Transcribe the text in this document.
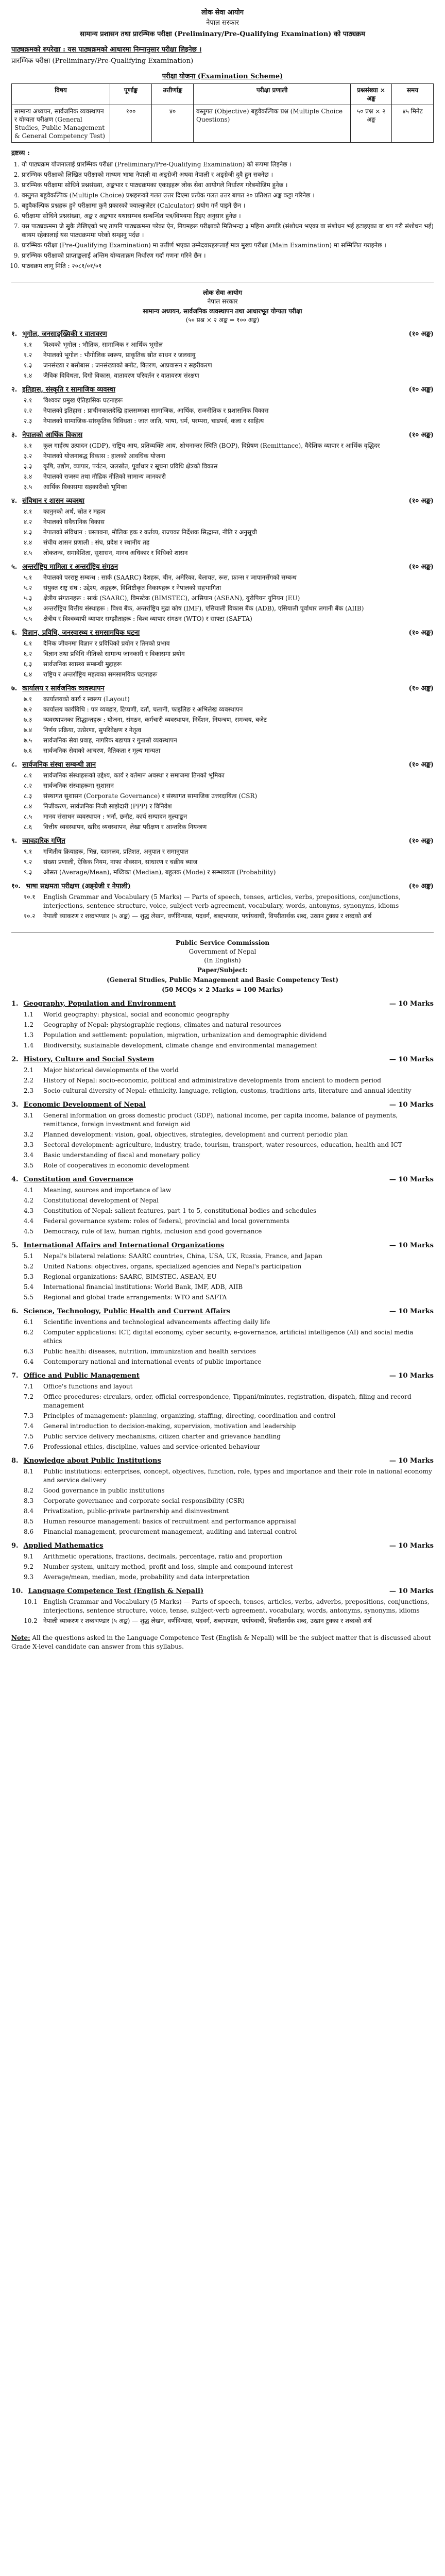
लोक सेवा आयोग
नेपाल सरकार
सामान्य प्रशासन तथा प्रारम्भिक परीक्षा (Preliminary/Pre-Qualifying Examination) को पाठ्यक्रम
पाठ्यक्रमको रुपरेखा : यस पाठ्यक्रमको आधारमा निम्नानुसार परीक्षा लिइनेछ ।
प्रारम्भिक परीक्षा (Preliminary/Pre-Qualifying Examination)
परीक्षा योजना (Examination Scheme)
विषय	पूर्णाङ्क	उत्तीर्णाङ्क	परीक्षा प्रणाली	प्रश्नसंख्या × अङ्क	समय
सामान्य अध्ययन, सार्वजनिक व्यवस्थापन र योग्यता परीक्षण (General Studies, Public Management & General Competency Test)	१००	४०	वस्तुगत (Objective) बहुवैकल्पिक प्रश्न (Multiple Choice Questions)	५० प्रश्न × २ अङ्क	४५ मिनेट
द्रष्टव्य :
1. यो पाठ्यक्रम योजनालाई प्रारम्भिक परीक्षा (Preliminary/Pre-Qualifying Examination) को रूपमा लिइनेछ ।
2. प्रारम्भिक परीक्षाको लिखित परीक्षाको माध्यम भाषा नेपाली वा अङ्ग्रेजी अथवा नेपाली र अङ्ग्रेजी दुवै हुन सक्नेछ ।
3. प्रारम्भिक परीक्षामा सोधिने प्रश्नसंख्या, अङ्कभार र पाठ्यक्रमका एकाइहरू लोक सेवा आयोगले निर्धारण गरेबमोजिम हुनेछ ।
4. वस्तुगत बहुवैकल्पिक (Multiple Choice) प्रश्नहरूको गलत उत्तर दिएमा प्रत्येक गलत उत्तर बापत २० प्रतिशत अङ्क कट्टा गरिनेछ ।
5. बहुवैकल्पिक प्रश्नहरू हुने परीक्षामा कुनै प्रकारको क्याल्कुलेटर (Calculator) प्रयोग गर्न पाइने छैन ।
6. परीक्षामा सोधिने प्रश्नसंख्या, अङ्क र अङ्कभार यथासम्भव सम्बन्धित पत्र/विषयमा दिइए अनुसार हुनेछ ।
7. यस पाठ्यक्रममा जे सुकै लेखिएको भए तापनि पाठ्यक्रममा परेका ऐन, नियमहरू परीक्षाको मितिभन्दा ३ महिना अगाडि (संशोधन भएका वा संशोधन भई हटाइएका वा थप गरी संशोधन भई) कायम रहेकालाई यस पाठ्यक्रममा परेको सम्झनु पर्दछ ।
8. प्रारम्भिक परीक्षा (Pre-Qualifying Examination) मा उत्तीर्ण भएका उम्मेदवारहरूलाई मात्र मुख्य परीक्षा (Main Examination) मा सम्मिलित गराइनेछ ।
9. प्रारम्भिक परीक्षाको प्राप्ताङ्कलाई अन्तिम योग्यताक्रम निर्धारण गर्दा गणना गरिने छैन ।
10. पाठ्यक्रम लागू मिति : २०८१/०१/०१
लोक सेवा आयोग
नेपाल सरकार
सामान्य अध्ययन, सार्वजनिक व्यवस्थापन तथा आधारभूत योग्यता परीक्षा
(५० प्रश्न × २ अङ्क = १०० अङ्क)
१. भूगोल, जनसाङ्ख्यिकी र वातावरण	(१० अङ्क)
१.१	विश्वको भूगोल : भौतिक, सामाजिक र आर्थिक भूगोल
१.२	नेपालको भूगोल : भौगोलिक स्वरूप, प्राकृतिक स्रोत साधन र जलवायु
१.३	जनसंख्या र बसोबास : जनसंख्याको बनोट, वितरण, आप्रवासन र सहरीकरण
१.४	जैविक विविधता, दिगो विकास, वातावरण परिवर्तन र वातावरण संरक्षण
२. इतिहास, संस्कृति र सामाजिक व्यवस्था	(१० अङ्क)
२.१	विश्वका प्रमुख ऐतिहासिक घटनाहरू
२.२	नेपालको इतिहास : प्राचीनकालदेखि हालसम्मका सामाजिक, आर्थिक, राजनीतिक र प्रशासनिक विकास
२.३	नेपालको सामाजिक-सांस्कृतिक विविधता : जात जाति, भाषा, धर्म, परम्परा, चाडपर्व, कला र साहित्य
३. नेपालको आर्थिक विकास	(१० अङ्क)
३.१	कुल गार्हस्थ उत्पादन (GDP), राष्ट्रिय आय, प्रतिव्यक्ति आय, शोधनान्तर स्थिति (BOP), विप्रेषण (Remittance), वैदेशिक व्यापार र आर्थिक वृद्धिदर
३.२	नेपालको योजनाबद्ध विकास : हालको आवधिक योजना
३.३	कृषि, उद्योग, व्यापार, पर्यटन, जलस्रोत, पूर्वाधार र सूचना प्रविधि क्षेत्रको विकास
३.४	नेपालको राजस्व तथा मौद्रिक नीतिको सामान्य जानकारी
३.५	आर्थिक विकासमा सहकारीको भूमिका
४. संविधान र शासन व्यवस्था	(१० अङ्क)
४.१	कानुनको अर्थ, स्रोत र महत्व
४.२	नेपालको संवैधानिक विकास
४.३	नेपालको संविधान : प्रस्तावना, मौलिक हक र कर्तव्य, राज्यका निर्देशक सिद्धान्त, नीति र अनुसूची
४.४	संघीय शासन प्रणाली : संघ, प्रदेश र स्थानीय तह
४.५	लोकतन्त्र, समावेशिता, सुशासन, मानव अधिकार र विधिको शासन
५. अन्तर्राष्ट्रिय मामिला र अन्तर्राष्ट्रिय संगठन	(१० अङ्क)
५.१	नेपालको परराष्ट्र सम्बन्ध : सार्क (SAARC) देशहरू, चीन, अमेरिका, बेलायत, रूस, फ्रान्स र जापानसँगको सम्बन्ध
५.२	संयुक्त राष्ट्र संघ : उद्देश्य, अङ्गहरू, विशिष्टीकृत निकायहरू र नेपालको सहभागिता
५.३	क्षेत्रीय संगठनहरू : सार्क (SAARC), विमस्टेक (BIMSTEC), आसियान (ASEAN), युरोपियन युनियन (EU)
५.४	अन्तर्राष्ट्रिय वित्तीय संस्थाहरू : विश्व बैंक, अन्तर्राष्ट्रिय मुद्रा कोष (IMF), एसियाली विकास बैंक (ADB), एसियाली पूर्वाधार लगानी बैंक (AIIB)
५.५	क्षेत्रीय र विश्वव्यापी व्यापार सम्झौताहरू : विश्व व्यापार संगठन (WTO) र साफ्टा (SAFTA)
६. विज्ञान, प्रविधि, जनस्वास्थ्य र समसामयिक घटना	(१० अङ्क)
६.१	दैनिक जीवनमा विज्ञान र प्रविधिको प्रयोग र तिनको प्रभाव
६.२	विज्ञान तथा प्रविधि नीतिको सामान्य जानकारी र विकासमा प्रयोग
६.३	सार्वजनिक स्वास्थ्य सम्बन्धी मुद्दाहरू
६.४	राष्ट्रिय र अन्तर्राष्ट्रिय महत्वका समसामयिक घटनाहरू
७. कार्यालय र सार्वजनिक व्यवस्थापन	(१० अङ्क)
७.१	कार्यालयको कार्य र स्वरूप (Layout)
७.२	कार्यालय कार्यविधि : पत्र व्यवहार, टिप्पणी, दर्ता, चलानी, फाइलिङ र अभिलेख व्यवस्थापन
७.३	व्यवस्थापनका सिद्धान्तहरू : योजना, संगठन, कर्मचारी व्यवस्थापन, निर्देशन, नियन्त्रण, समन्वय, बजेट
७.४	निर्णय प्रक्रिया, उत्प्रेरणा, सुपरिवेक्षण र नेतृत्व
७.५	सार्वजनिक सेवा प्रवाह, नागरिक बडापत्र र गुनासो व्यवस्थापन
७.६	सार्वजनिक सेवाको आचरण, नैतिकता र मूल्य मान्यता
८. सार्वजनिक संस्था सम्बन्धी ज्ञान	(१० अङ्क)
८.१	सार्वजनिक संस्थाहरूको उद्देश्य, कार्य र वर्तमान अवस्था र समाजमा तिनको भूमिका
८.२	सार्वजनिक संस्थाहरूमा सुशासन
८.३	संस्थागत सुशासन (Corporate Governance) र संस्थागत सामाजिक उत्तरदायित्व (CSR)
८.४	निजीकरण, सार्वजनिक निजी साझेदारी (PPP) र विनिवेश
८.५	मानव संसाधन व्यवस्थापन : भर्ना, छनौट, कार्य सम्पादन मूल्याङ्कन
८.६	वित्तीय व्यवस्थापन, खरिद व्यवस्थापन, लेखा परीक्षण र आन्तरिक नियन्त्रण
९. व्यावहारिक गणित	(१० अङ्क)
९.१	गणितीय क्रियाहरू, भिन्न, दशमलव, प्रतिशत, अनुपात र समानुपात
९.२	संख्या प्रणाली, ऐकिक नियम, नाफा नोक्सान, साधारण र चक्रीय ब्याज
९.३	औसत (Average/Mean), मध्यिका (Median), बहुलक (Mode) र सम्भाव्यता (Probability)
१०. भाषा सक्षमता परीक्षण (अङ्ग्रेजी र नेपाली)	(१० अङ्क)
१०.१	English Grammar and Vocabulary (5 Marks) — Parts of speech, tenses, articles, verbs, prepositions, conjunctions, interjections, sentence structure, voice, subject-verb agreement, vocabulary, words, antonyms, synonyms, idioms
१०.२	नेपाली व्याकरण र शब्दभण्डार (५ अङ्क) — शुद्ध लेखन, वर्णविन्यास, पदवर्ग, शब्दभण्डार, पर्यायवाची, विपरीतार्थक शब्द, उखान टुक्का र शब्दको अर्थ
Public Service Commission
Government of Nepal
(In English)
Paper/Subject:
(General Studies, Public Management and Basic Competency Test)
(50 MCQs × 2 Marks = 100 Marks)
1. Geography, Population and Environment	— 10 Marks
1.1	World geography: physical, social and economic geography
1.2	Geography of Nepal: physiographic regions, climates and natural resources
1.3	Population and settlement: population, migration, urbanization and demographic dividend
1.4	Biodiversity, sustainable development, climate change and environmental management
2. History, Culture and Social System	— 10 Marks
2.1	Major historical developments of the world
2.2	History of Nepal: socio-economic, political and administrative developments from ancient to modern period
2.3	Socio-cultural diversity of Nepal: ethnicity, language, religion, customs, traditions arts, literature and annual identity
3. Economic Development of Nepal	— 10 Marks
3.1	General information on gross domestic product (GDP), national income, per capita income, balance of payments, remittance, foreign investment and foreign aid
3.2	Planned development: vision, goal, objectives, strategies, development and current periodic plan
3.3	Sectoral development: agriculture, industry, trade, tourism, transport, water resources, education, health and ICT
3.4	Basic understanding of fiscal and monetary policy
3.5	Role of cooperatives in economic development
4. Constitution and Governance	— 10 Marks
4.1	Meaning, sources and importance of law
4.2	Constitutional development of Nepal
4.3	Constitution of Nepal: salient features, part 1 to 5, constitutional bodies and schedules
4.4	Federal governance system: roles of federal, provincial and local governments
4.5	Democracy, rule of law, human rights, inclusion and good governance
5. International Affairs and International Organizations	— 10 Marks
5.1	Nepal's bilateral relations: SAARC countries, China, USA, UK, Russia, France, and Japan
5.2	United Nations: objectives, organs, specialized agencies and Nepal's participation
5.3	Regional organizations: SAARC, BIMSTEC, ASEAN, EU
5.4	International financial institutions: World Bank, IMF, ADB, AIIB
5.5	Regional and global trade arrangements: WTO and SAFTA
6. Science, Technology, Public Health and Current Affairs	— 10 Marks
6.1	Scientific inventions and technological advancements affecting daily life
6.2	Computer applications: ICT, digital economy, cyber security, e-governance, artificial intelligence (AI) and social media ethics
6.3	Public health: diseases, nutrition, immunization and health services
6.4	Contemporary national and international events of public importance
7. Office and Public Management	— 10 Marks
7.1	Office's functions and layout
7.2	Office procedures: circulars, order, official correspondence, Tippani/minutes, registration, dispatch, filing and record management
7.3	Principles of management: planning, organizing, staffing, directing, coordination and control
7.4	General introduction to decision-making, supervision, motivation and leadership
7.5	Public service delivery mechanisms, citizen charter and grievance handling
7.6	Professional ethics, discipline, values and service-oriented behaviour
8. Knowledge about Public Institutions	— 10 Marks
8.1	Public institutions: enterprises, concept, objectives, function, role, types and importance and their role in national economy and service delivery
8.2	Good governance in public institutions
8.3	Corporate governance and corporate social responsibility (CSR)
8.4	Privatization, public-private partnership and disinvestment
8.5	Human resource management: basics of recruitment and performance appraisal
8.6	Financial management, procurement management, auditing and internal control
9. Applied Mathematics	— 10 Marks
9.1	Arithmetic operations, fractions, decimals, percentage, ratio and proportion
9.2	Number system, unitary method, profit and loss, simple and compound interest
9.3	Average/mean, median, mode, probability and data interpretation
10. Language Competence Test (English & Nepali)	— 10 Marks
10.1 English Grammar and Vocabulary (5 Marks) — Parts of speech, tenses, articles, verbs, adverbs, prepositions, conjunctions, interjections, sentence structure, voice, tense, subject-verb agreement, vocabulary, words, antonyms, synonyms, idioms
10.2 नेपाली व्याकरण र शब्दभण्डार (५ अङ्क) — शुद्ध लेखन, वर्णविन्यास, पदवर्ग, शब्दभण्डार, पर्यायवाची, विपरीतार्थक शब्द, उखान टुक्का र शब्दको अर्थ
Note: All the questions asked in the Language Competence Test (English & Nepali) will be the subject matter that is discussed about Grade X-level candidate can answer from this syllabus.
